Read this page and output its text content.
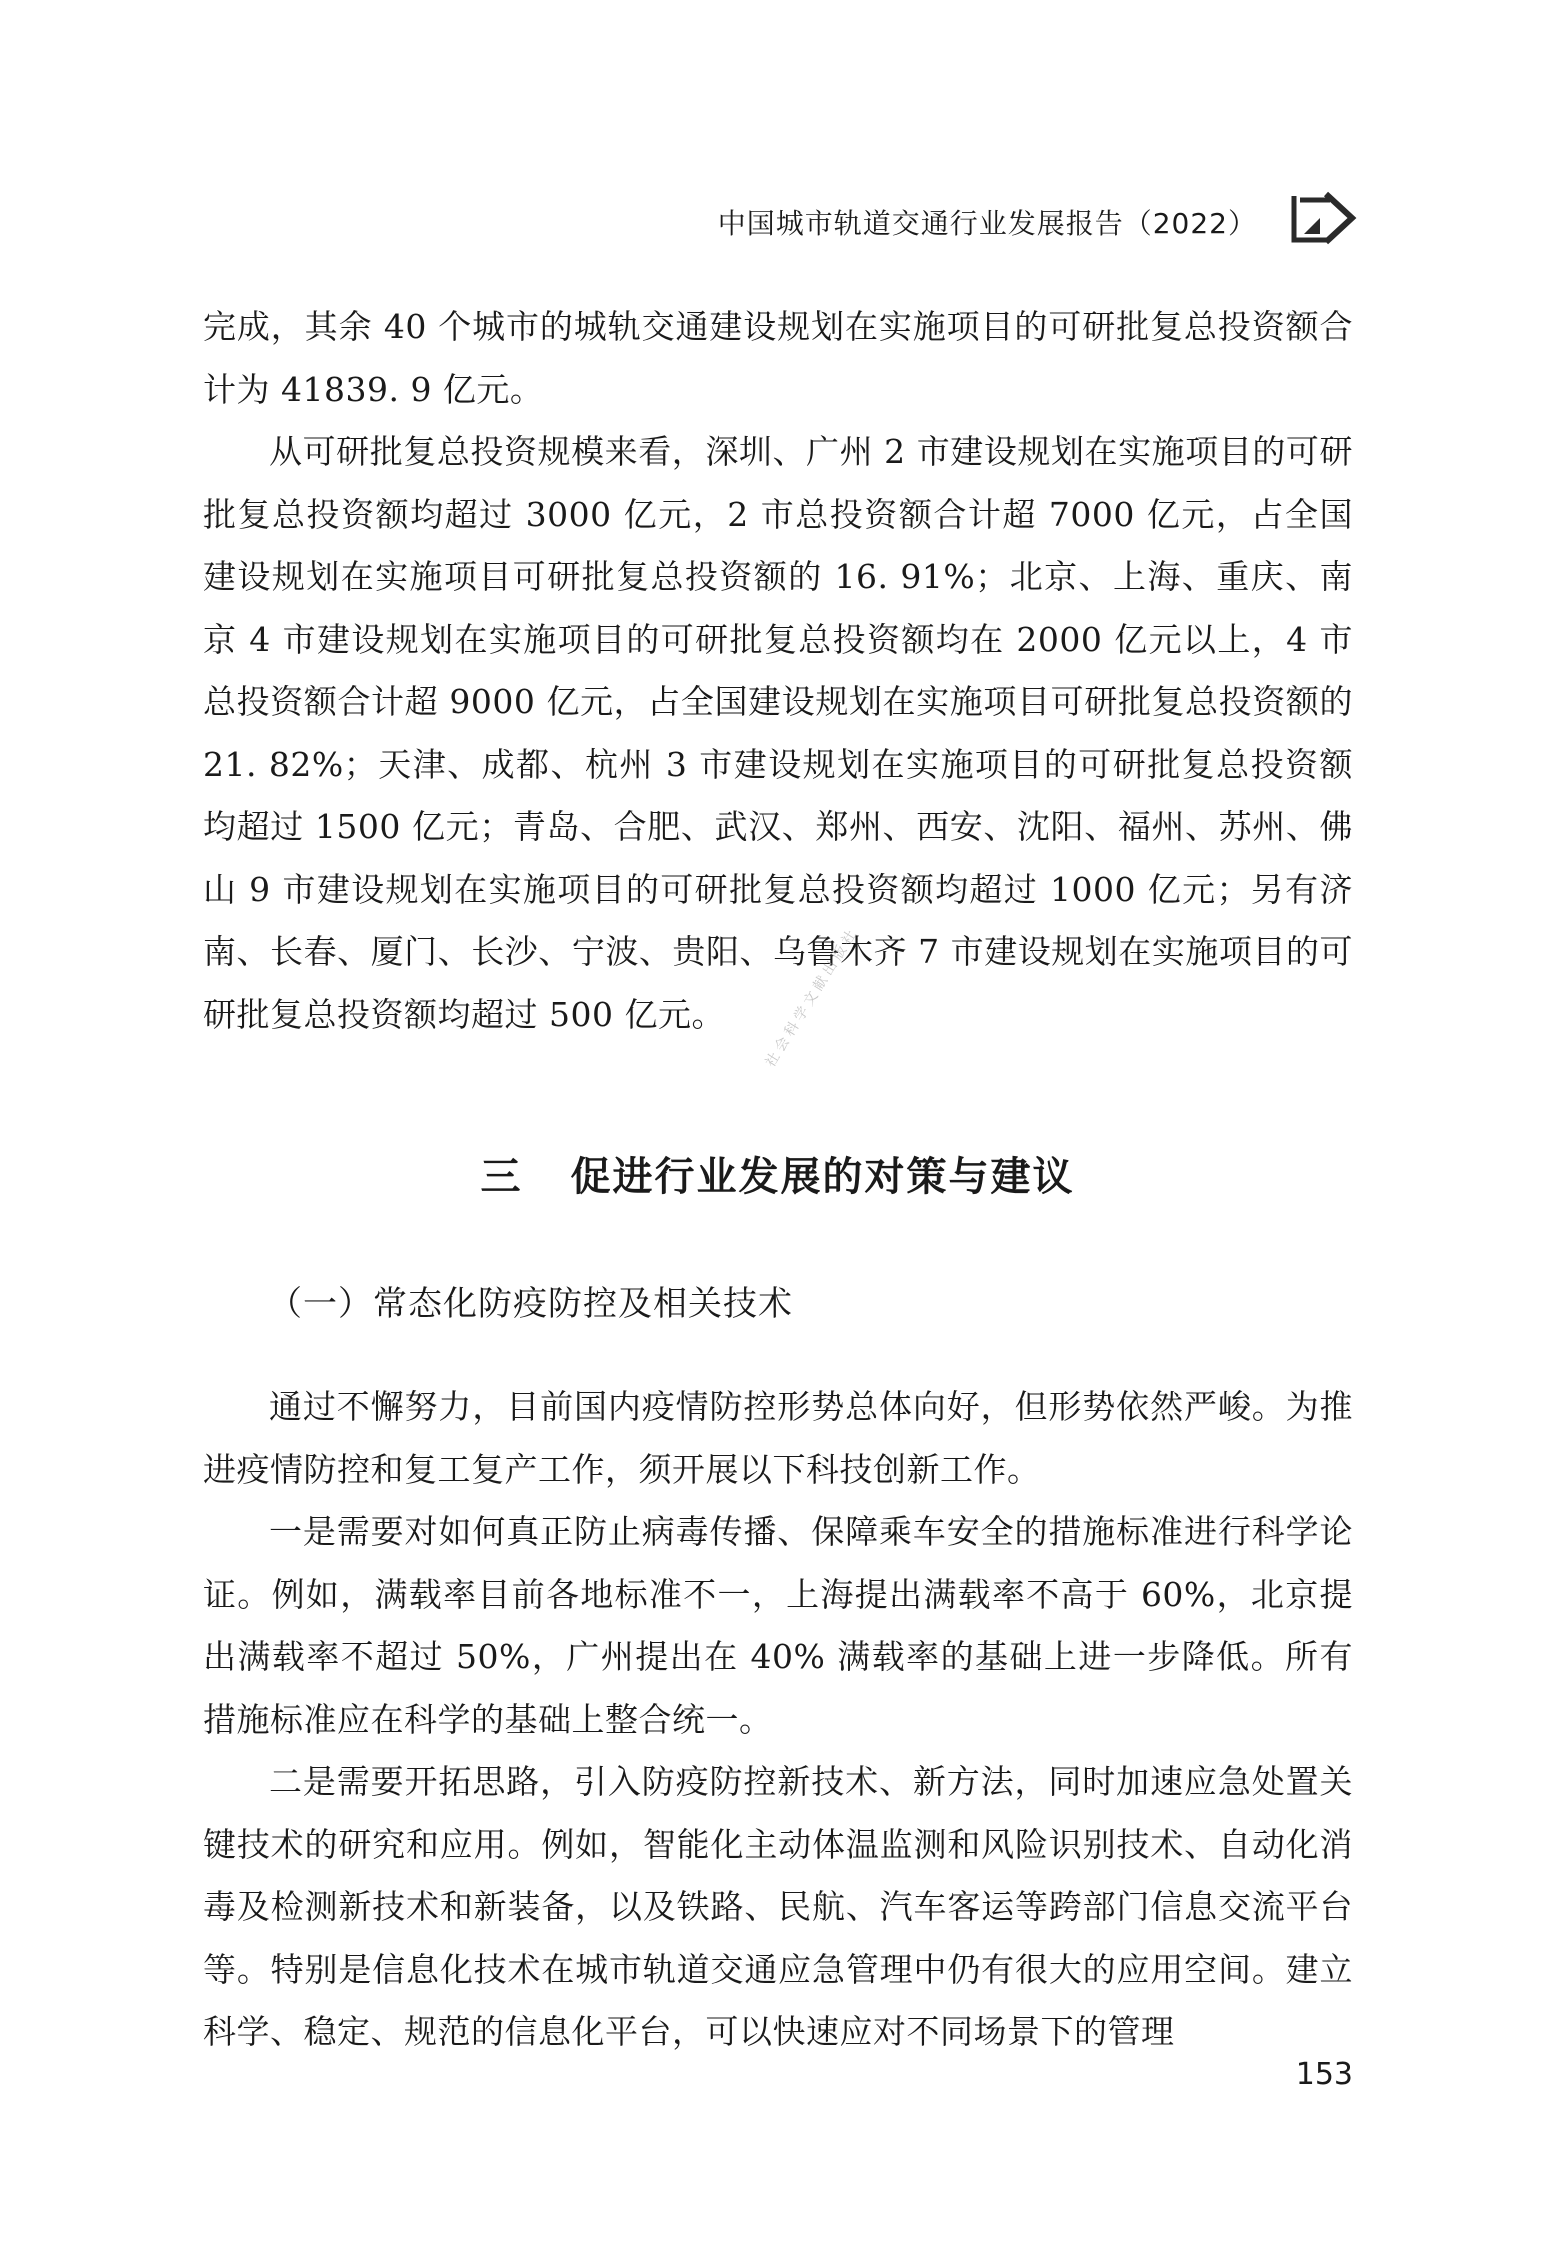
中国城市轨道交通行业发展报告（2022）

完成，其余 40 个城市的城轨交通建设规划在实施项目的可研批复总投资额合计为 41839. 9 亿元。

从可研批复总投资规模来看，深圳、广州 2 市建设规划在实施项目的可研批复总投资额均超过 3000 亿元，2 市总投资额合计超 7000 亿元，占全国建设规划在实施项目可研批复总投资额的 16. 91%；北京、上海、重庆、南京 4 市建设规划在实施项目的可研批复总投资额均在 2000 亿元以上，4 市总投资额合计超 9000 亿元，占全国建设规划在实施项目可研批复总投资额的 21. 82%；天津、成都、杭州 3 市建设规划在实施项目的可研批复总投资额均超过 1500 亿元；青岛、合肥、武汉、郑州、西安、沈阳、福州、苏州、佛山 9 市建设规划在实施项目的可研批复总投资额均超过 1000 亿元；另有济南、长春、厦门、长沙、宁波、贵阳、乌鲁木齐 7 市建设规划在实施项目的可研批复总投资额均超过 500 亿元。	社会科学文献出版社
三 促进行业发展的对策与建议
（一）常态化防疫防控及相关技术

通过不懈努力，目前国内疫情防控形势总体向好，但形势依然严峻。为推进疫情防控和复工复产工作，须开展以下科技创新工作。

一是需要对如何真正防止病毒传播、保障乘车安全的措施标准进行科学论证。例如，满载率目前各地标准不一，上海提出满载率不高于 60%，北京提出满载率不超过 50%，广州提出在 40% 满载率的基础上进一步降低。所有措施标准应在科学的基础上整合统一。

二是需要开拓思路，引入防疫防控新技术、新方法，同时加速应急处置关键技术的研究和应用。例如，智能化主动体温监测和风险识别技术、自动化消毒及检测新技术和新装备，以及铁路、民航、汽车客运等跨部门信息交流平台等。特别是信息化技术在城市轨道交通应急管理中仍有很大的应用空间。建立科学、稳定、规范的信息化平台，可以快速应对不同场景下的管理

153
